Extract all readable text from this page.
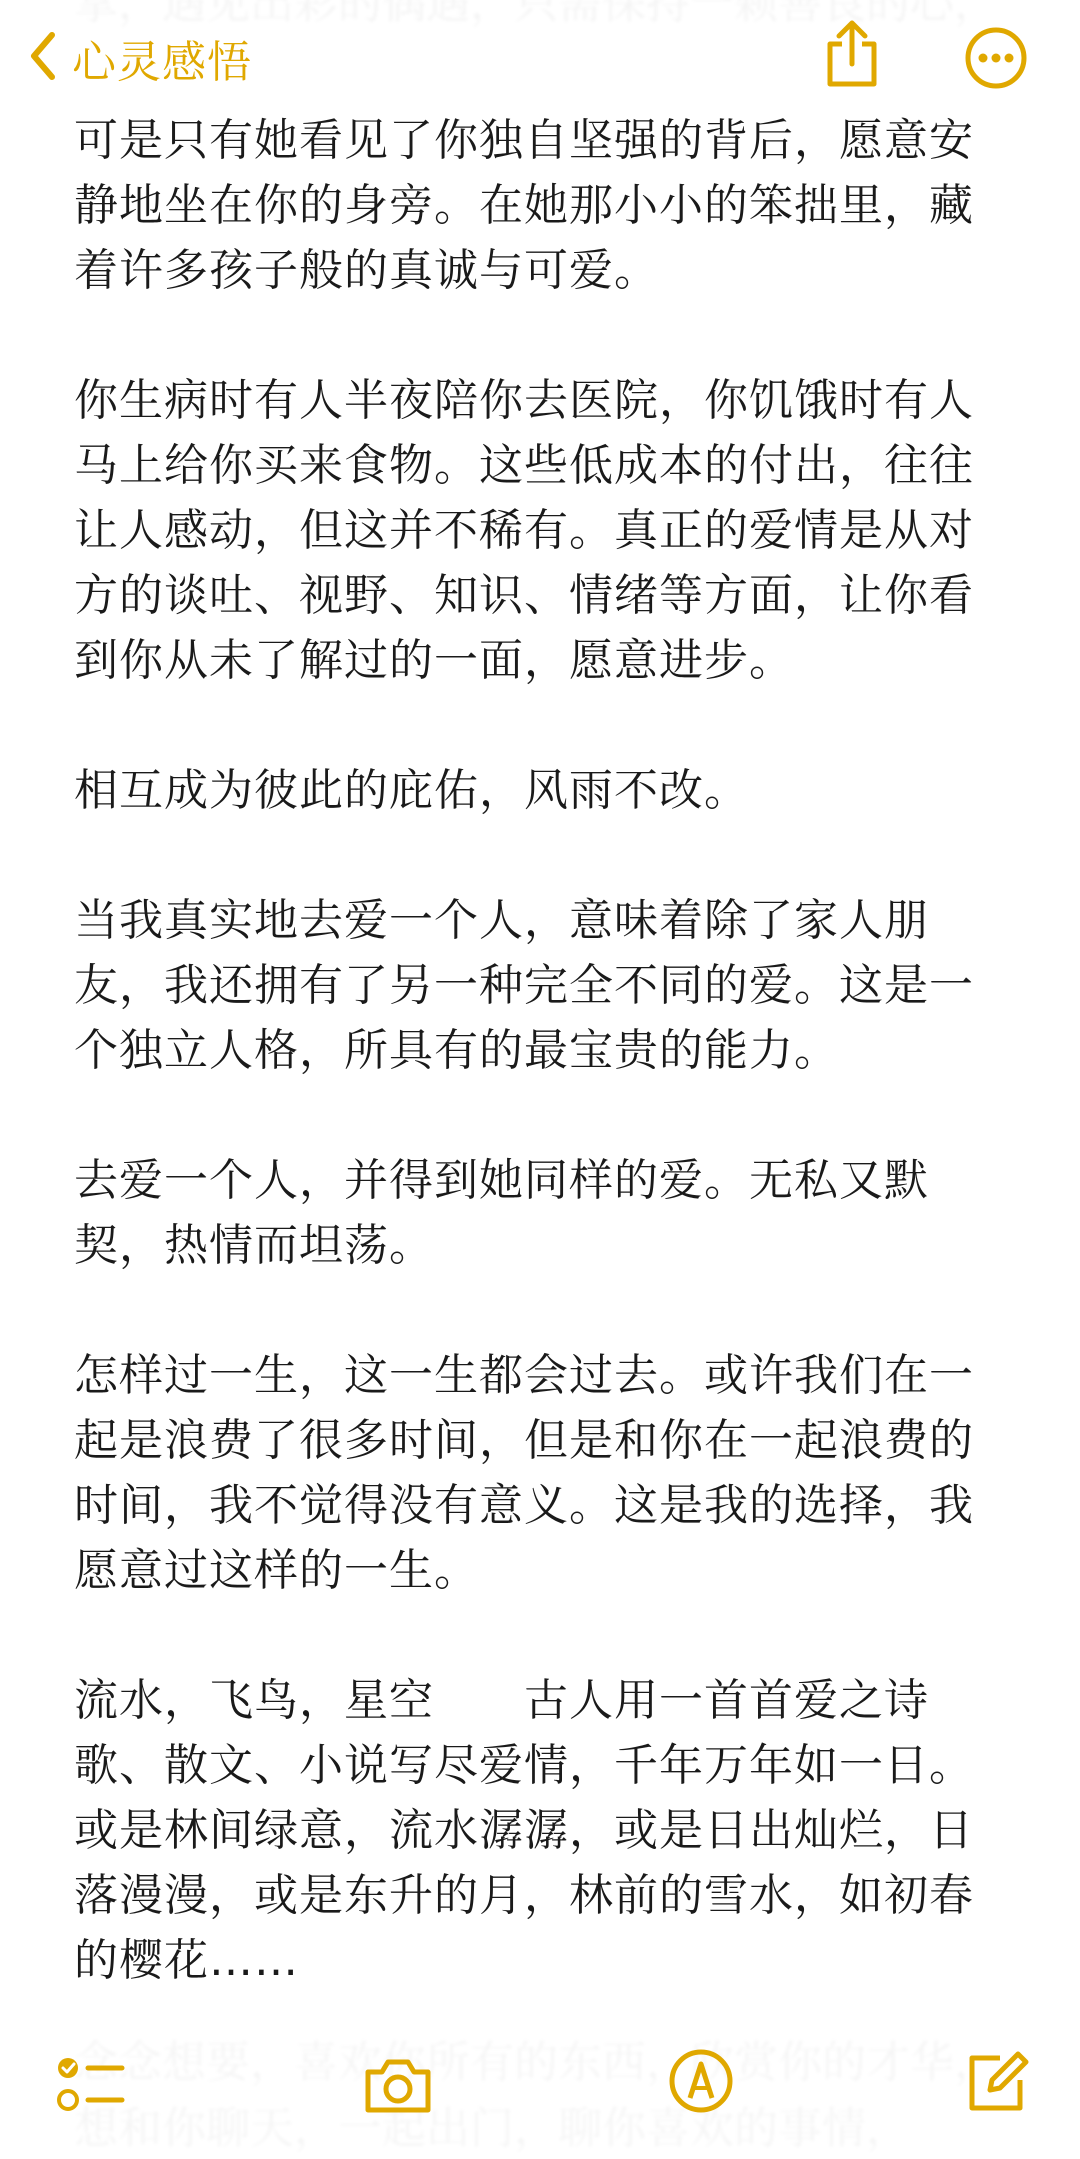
心灵感悟

可是只有她看见了你独自坚强的背后，愿意安静地坐在你的身旁。在她那小小的笨拙里，藏着许多孩子般的真诚与可爱。

你生病时有人半夜陪你去医院，你饥饿时有人马上给你买来食物。这些低成本的付出，往往让人感动，但这并不稀有。真正的爱情是从对方的谈吐、视野、知识、情绪等方面，让你看到你从未了解过的一面，愿意进步。

相互成为彼此的庇佑，风雨不改。

当我真实地去爱一个人，意味着除了家人朋友，我还拥有了另一种完全不同的爱。这是一个独立人格，所具有的最宝贵的能力。

去爱一个人，并得到她同样的爱。无私又默契，热情而坦荡。

怎样过一生，这一生都会过去。或许我们在一起是浪费了很多时间，但是和你在一起浪费的时间，我不觉得没有意义。这是我的选择，我愿意过这样的一生。

流水，飞鸟，星空　　古人用一首首爱之诗歌、散文、小说写尽爱情，千年万年如一日。或是林间绿意，流水潺潺，或是日出灿烂，日落漫漫，或是东升的月，林前的雪水，如初春的樱花……
